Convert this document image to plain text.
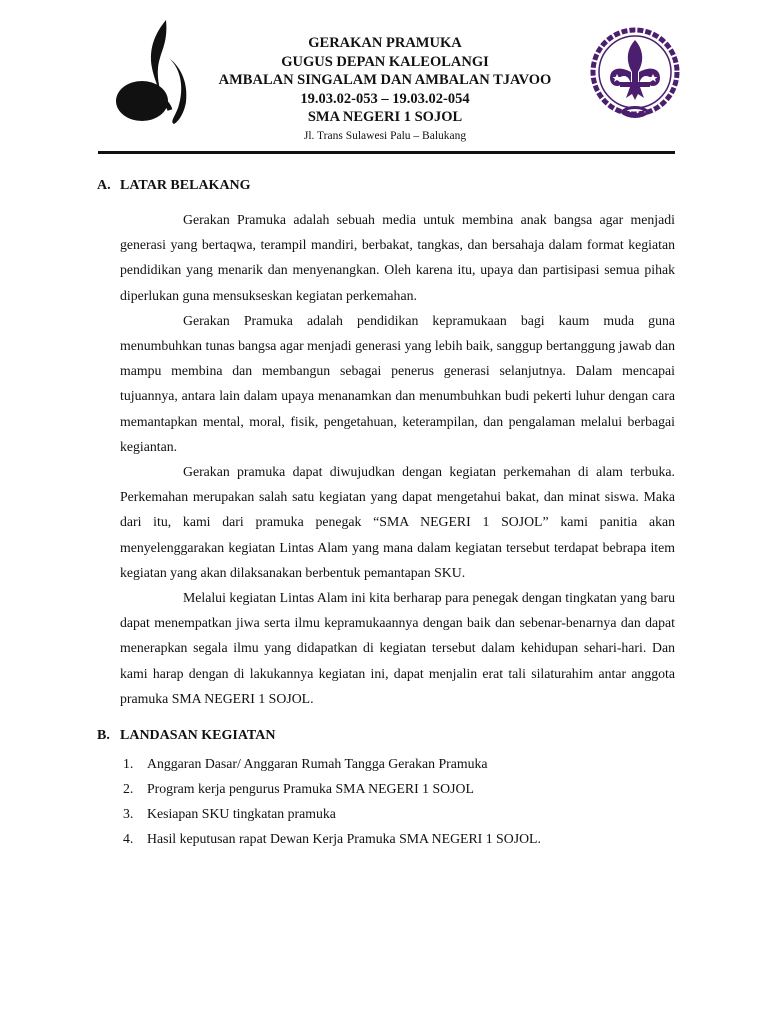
GERAKAN PRAMUKA
GUGUS DEPAN KALEOLANGI
AMBALAN SINGALAM DAN AMBALAN TJAVOO
19.03.02-053 – 19.03.02-054
SMA NEGERI 1 SOJOL
Jl. Trans Sulawesi Palu – Balukang
A. LATAR BELAKANG

Gerakan Pramuka adalah sebuah media untuk membina anak bangsa agar menjadi generasi yang bertaqwa, terampil mandiri, berbakat, tangkas, dan bersahaja dalam format kegiatan pendidikan yang menarik dan menyenangkan. Oleh karena itu, upaya dan partisipasi semua pihak diperlukan guna mensukseskan kegiatan perkemahan.

Gerakan Pramuka adalah pendidikan kepramukaan bagi kaum muda guna menumbuhkan tunas bangsa agar menjadi generasi yang lebih baik, sanggup bertanggung jawab dan mampu membina dan membangun sebagai penerus generasi selanjutnya. Dalam mencapai tujuannya, antara lain dalam upaya menanamkan dan menumbuhkan budi pekerti luhur dengan cara memantapkan mental, moral, fisik, pengetahuan, keterampilan, dan pengalaman melalui berbagai kegiantan.

Gerakan pramuka dapat diwujudkan dengan kegiatan perkemahan di alam terbuka. Perkemahan merupakan salah satu kegiatan yang dapat mengetahui bakat, dan minat siswa. Maka dari itu, kami dari pramuka penegak “SMA NEGERI 1 SOJOL” kami panitia akan menyelenggarakan kegiatan Lintas Alam yang mana dalam kegiatan tersebut terdapat bebrapa item kegiatan yang akan dilaksanakan berbentuk pemantapan SKU.

Melalui kegiatan Lintas Alam ini kita berharap para penegak dengan tingkatan yang baru dapat menempatkan jiwa serta ilmu kepramukaannya dengan baik dan sebenar-benarnya dan dapat menerapkan segala ilmu yang didapatkan di kegiatan tersebut dalam kehidupan sehari-hari. Dan kami harap dengan di lakukannya kegiatan ini, dapat menjalin erat tali silaturahim antar anggota pramuka SMA NEGERI 1 SOJOL.

B. LANDASAN KEGIATAN
1. Anggaran Dasar/ Anggaran Rumah Tangga Gerakan Pramuka
2. Program kerja pengurus Pramuka SMA NEGERI 1 SOJOL
3. Kesiapan SKU tingkatan pramuka
4. Hasil keputusan rapat Dewan Kerja Pramuka SMA NEGERI 1 SOJOL.
